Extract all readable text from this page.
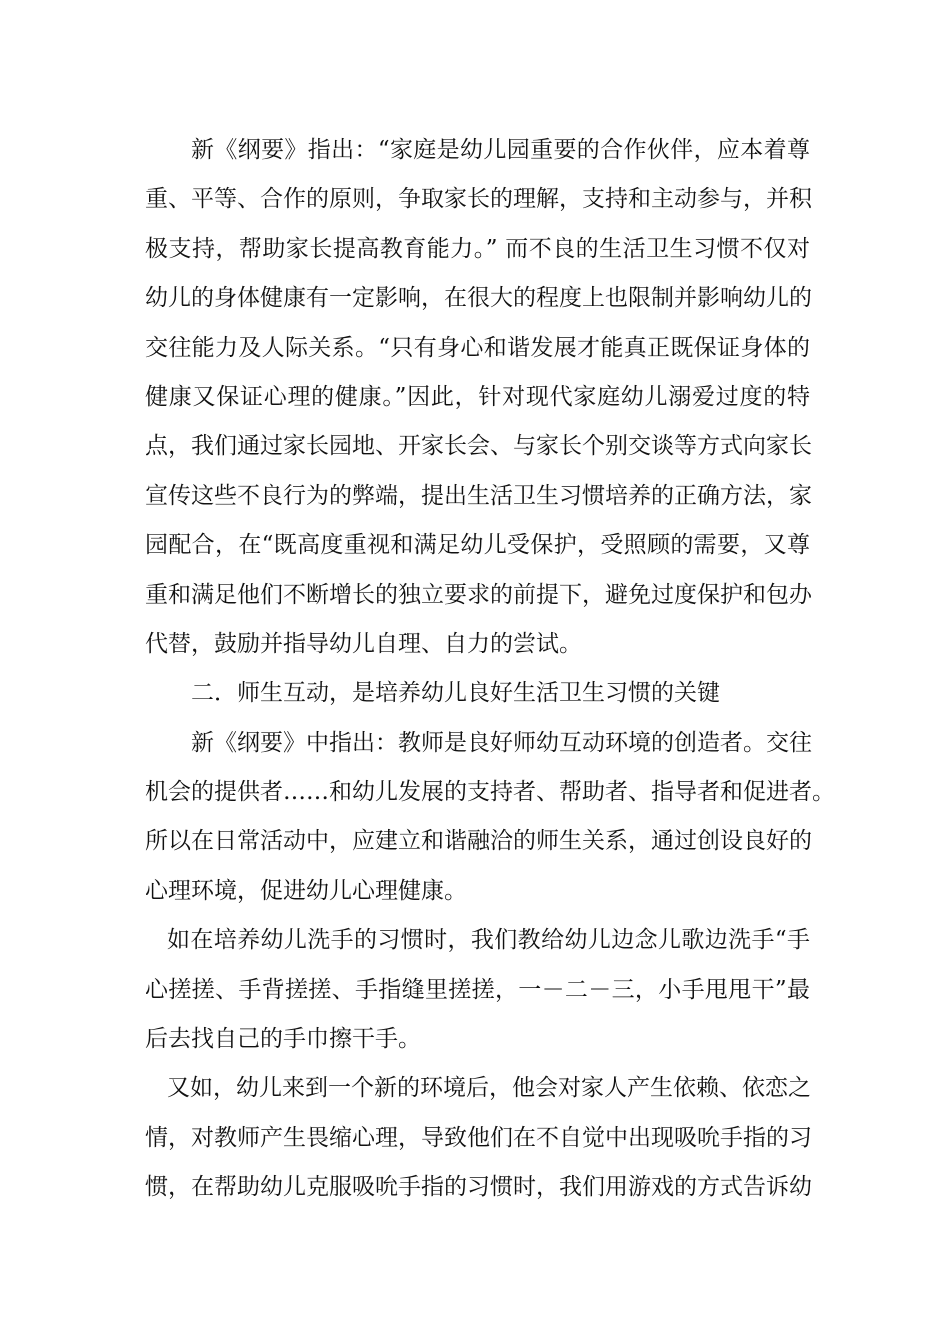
新《纲要》指出：“家庭是幼儿园重要的合作伙伴，应本着尊
重、平等、合作的原则，争取家长的理解，支持和主动参与，并积
极支持，帮助家长提高教育能力。” 而不良的生活卫生习惯不仅对
幼儿的身体健康有一定影响，在很大的程度上也限制并影响幼儿的
交往能力及人际关系。“只有身心和谐发展才能真正既保证身体的
健康又保证心理的健康。”因此，针对现代家庭幼儿溺爱过度的特
点，我们通过家长园地、开家长会、与家长个别交谈等方式向家长
宣传这些不良行为的弊端，提出生活卫生习惯培养的正确方法，家
园配合，在“既高度重视和满足幼儿受保护，受照顾的需要，又尊
重和满足他们不断增长的独立要求的前提下，避免过度保护和包办
代替，鼓励并指导幼儿自理、自力的尝试。
二．师生互动，是培养幼儿良好生活卫生习惯的关键
新《纲要》中指出：教师是良好师幼互动环境的创造者。交往
机会的提供者……和幼儿发展的支持者、帮助者、指导者和促进者。
所以在日常活动中，应建立和谐融洽的师生关系，通过创设良好的
心理环境，促进幼儿心理健康。
如在培养幼儿洗手的习惯时，我们教给幼儿边念儿歌边洗手“手
心搓搓、手背搓搓、手指缝里搓搓，一－二－三，小手甩甩干”最
后去找自己的手巾擦干手。
又如，幼儿来到一个新的环境后，他会对家人产生依赖、依恋之
情，对教师产生畏缩心理，导致他们在不自觉中出现吸吮手指的习
惯，在帮助幼儿克服吸吮手指的习惯时，我们用游戏的方式告诉幼
